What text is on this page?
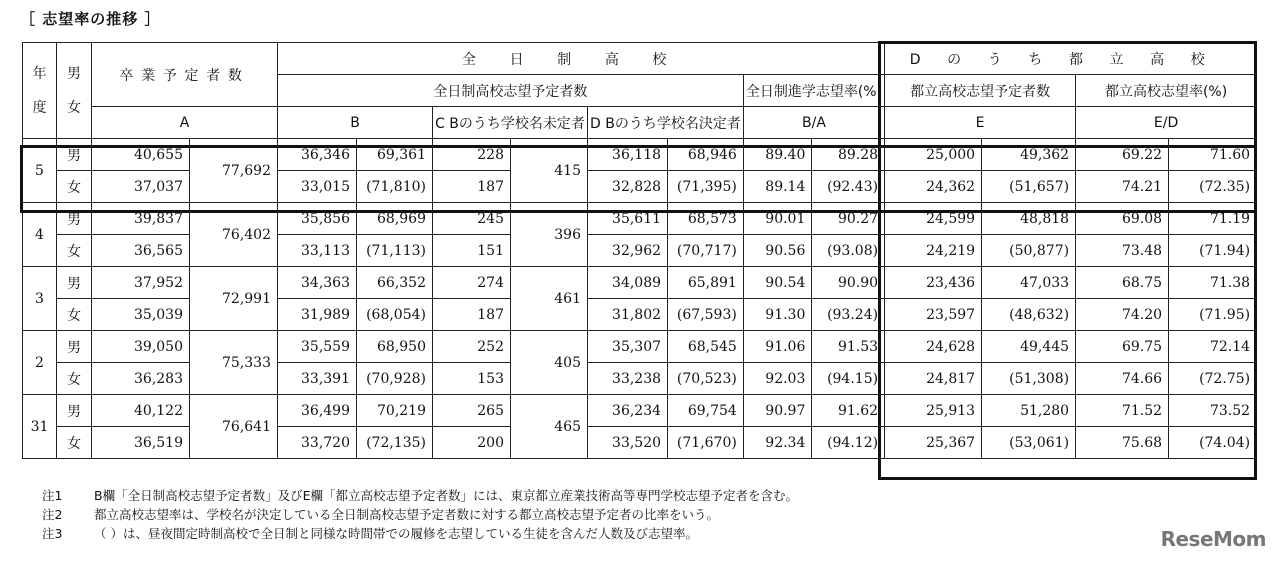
［ 志望率の推移 ］
年度	男女	卒業予定者数		全日制高校								Dのうち都立高校			
				全日制高校志望予定者数						全日制進学志望率(%)		都立高校志望予定者数		都立高校志望率(%)	
		A		B		C Bのうち学校名未定者		D Bのうち学校名決定者		B/A		E		E/D	
5	男	40,655	77,692	36,346	69,361	228	415	36,118	68,946	89.40	89.28	25,000	49,362	69.22	71.60
	女	37,037		33,015	(71,810)	187		32,828	(71,395)	89.14	(92.43)	24,362	(51,657)	74.21	(72.35)
4	男	39,837	76,402	35,856	68,969	245	396	35,611	68,573	90.01	90.27	24,599	48,818	69.08	71.19
	女	36,565		33,113	(71,113)	151		32,962	(70,717)	90.56	(93.08)	24,219	(50,877)	73.48	(71.94)
3	男	37,952	72,991	34,363	66,352	274	461	34,089	65,891	90.54	90.90	23,436	47,033	68.75	71.38
	女	35,039		31,989	(68,054)	187		31,802	(67,593)	91.30	(93.24)	23,597	(48,632)	74.20	(71.95)
2	男	39,050	75,333	35,559	68,950	252	405	35,307	68,545	91.06	91.53	24,628	49,445	69.75	72.14
	女	36,283		33,391	(70,928)	153		33,238	(70,523)	92.03	(94.15)	24,817	(51,308)	74.66	(72.75)
31	男	40,122	76,641	36,499	70,219	265	465	36,234	69,754	90.97	91.62	25,913	51,280	71.52	73.52
	女	36,519		33,720	(72,135)	200		33,520	(71,670)	92.34	(94.12)	25,367	(53,061)	75.68	(74.04)
注1	B欄「全日制高校志望予定者数」及びE欄「都立高校志望予定者数」には、東京都立産業技術高等専門学校志望予定者を含む。
注2	都立高校志望率は、学校名が決定している全日制高校志望予定者数に対する都立高校志望予定者の比率をいう。
注3	（ ）は、昼夜間定時制高校で全日制と同様な時間帯での履修を志望している生徒を含んだ人数及び志望率。	ReseMom
